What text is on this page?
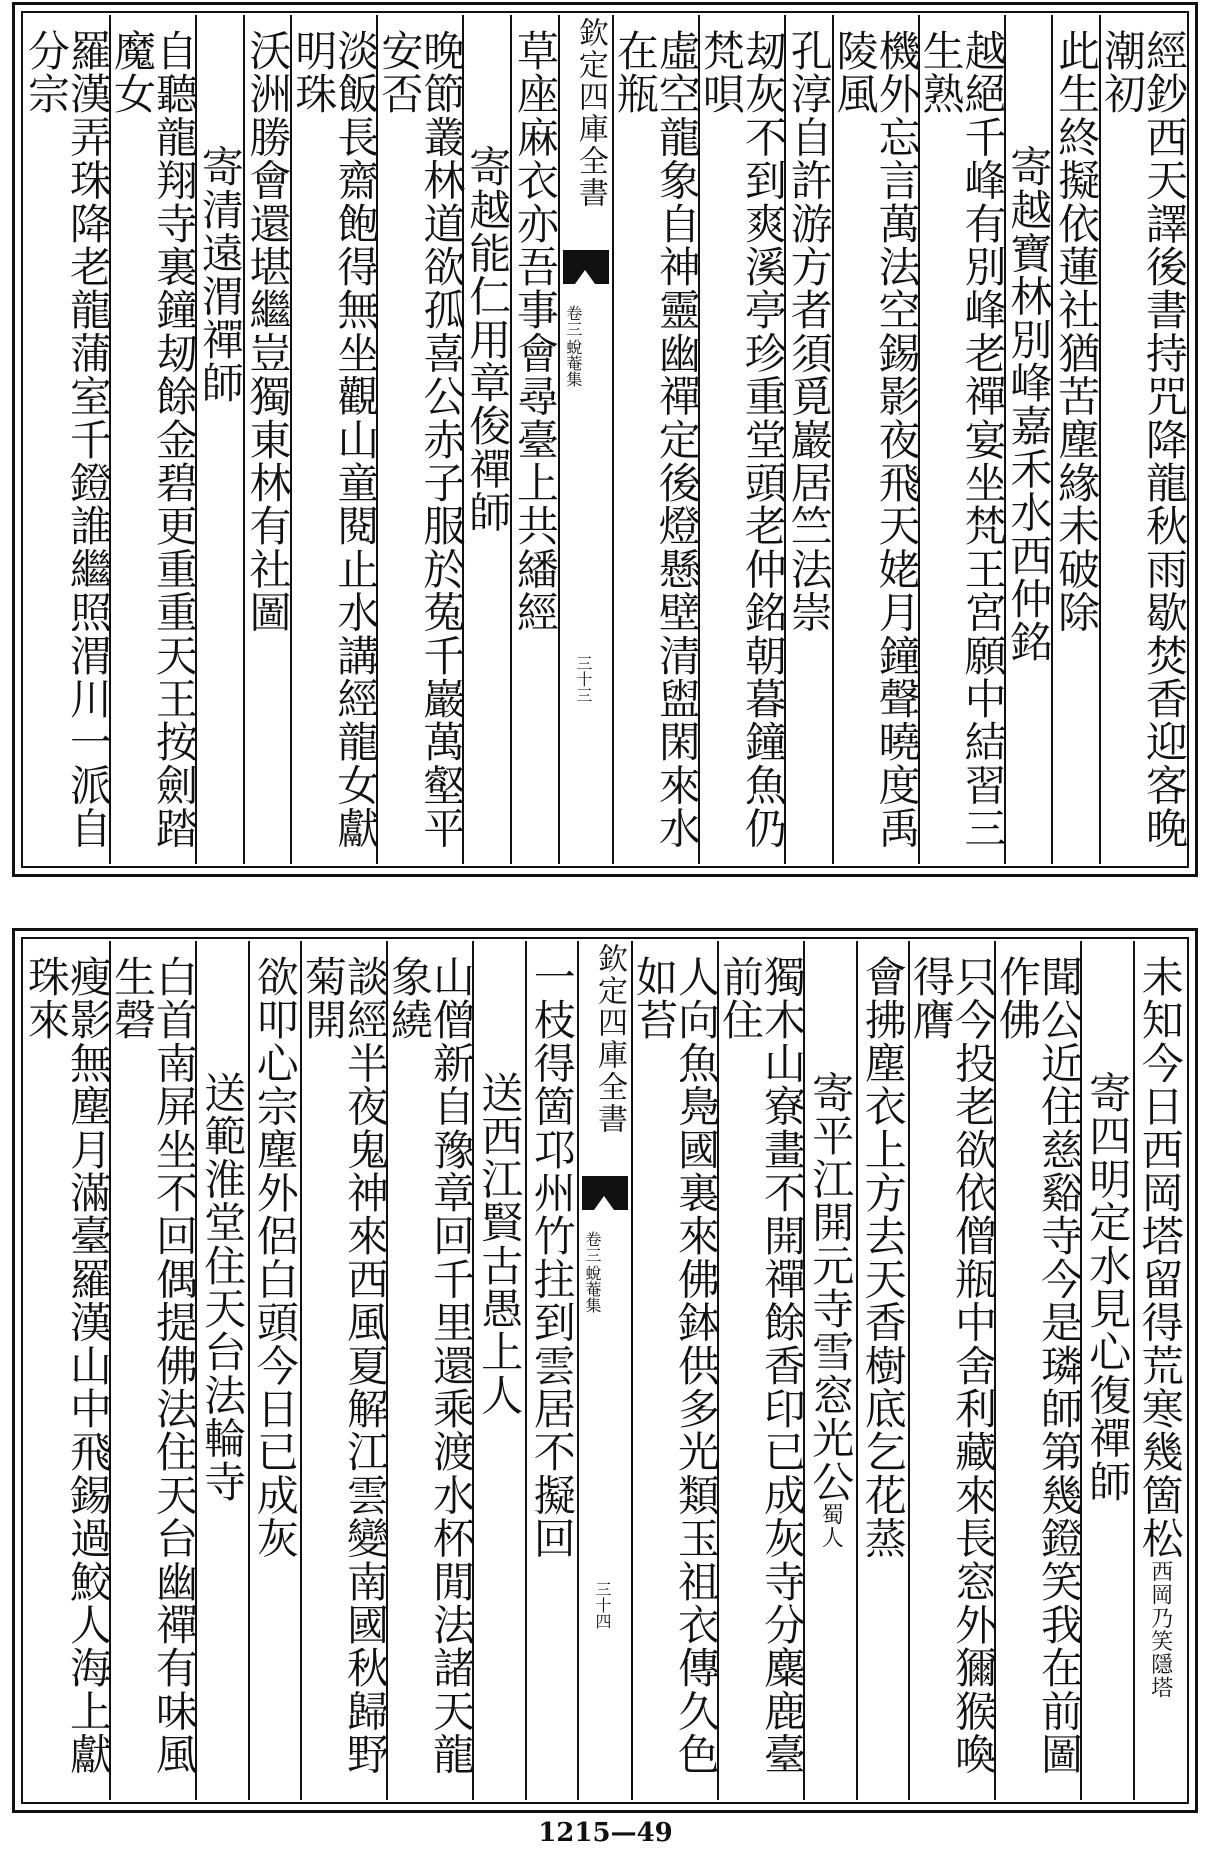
經鈔西天譯後書持咒降龍秋雨歇焚香迎客晚潮初
此生終擬依蓮社猶苦塵緣未破除
寄越寶林別峰嘉禾水西仲銘
越絕千峰有別峰老禪宴坐梵王宮願中結習三生熟
機外忘言萬法空錫影夜飛天姥月鐘聲曉度禹陵風
孔淳自許游方者須覓巖居竺法崇
刼灰不到爽溪亭珍重堂頭老仲銘朝暮鐘魚仍梵唄
虛空龍象自神靈幽禪定後燈懸壁清盥閑來水在瓶
欽定四庫全書
蛻菴集
卷三
三十三
草座麻衣亦吾事會尋臺上共繙經
寄越能仁用章俊禪師
晚節叢林道欲孤喜公赤子服於菟千巖萬壑平安否
淡飯長齋飽得無坐觀山童閱止水講經龍女獻明珠
沃洲勝會還堪繼豈獨東林有社圖
寄清遠渭禪師
自聽龍翔寺裏鐘刼餘金碧更重重天王按劍踏魔女
羅漢弄珠降老龍蒲室千鐙誰繼照渭川一派自分宗
未知今日西岡塔留得荒寒幾箇松
西岡乃笑隱塔
寄四明定水見心復禪師
聞公近住慈谿寺今是璘師第幾鐙笑我在前圖作佛
只今投老欲依僧瓶中舍利藏來長窓外獮猴喚得膺
會拂塵衣上方去天香樹底乞花蒸
寄平江開元寺雪窓光公
蜀人
獨木山寮畫不開禪餘香印已成灰寺分麋鹿臺前住
人向魚鳧國裏來佛鉢供多光類玉祖衣傳久色如苔
欽定四庫全書
蛻菴集
卷三
三十四
一枝得箇邛州竹拄到雲居不擬回
送西江賢古愚上人
山僧新自豫章回千里還乘渡水杯閒法諸天龍象繞
談經半夜鬼神來西風夏解江雲變南國秋歸野菊開
欲叩心宗塵外侶白頭今日已成灰
送範淮堂住天台法輪寺
白首南屏坐不回偶提佛法住天台幽禪有味風生磬
瘦影無塵月滿臺羅漢山中飛錫過鮫人海上獻珠來
1215—49
